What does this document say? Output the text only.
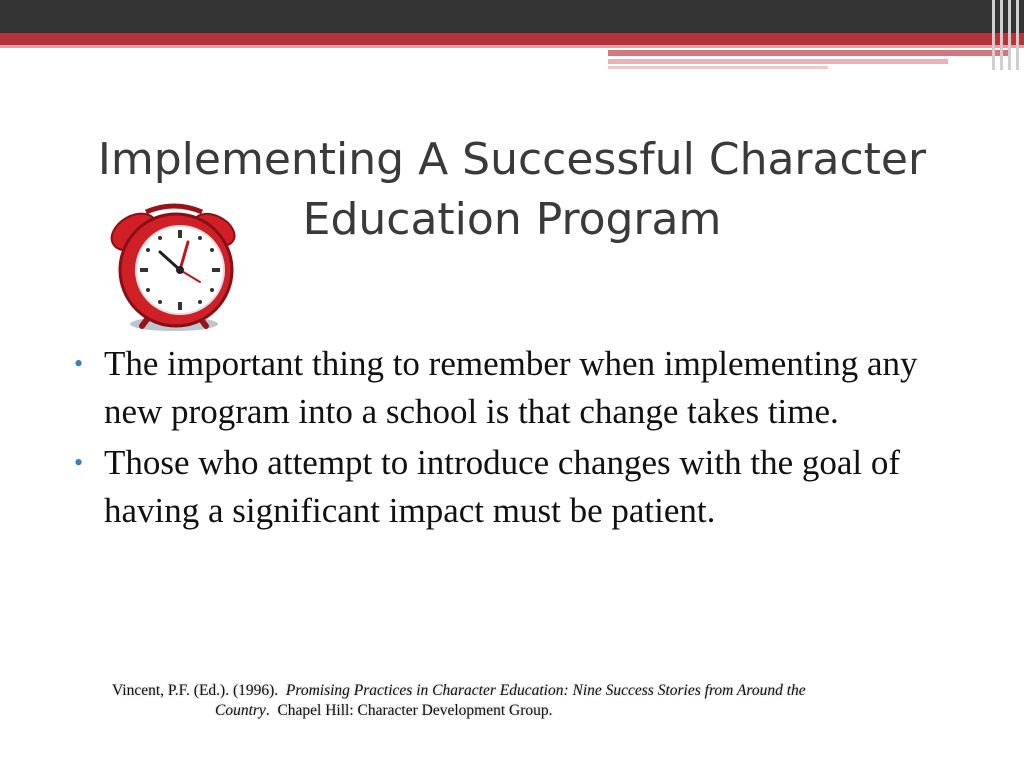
Implementing A Successful Character Education Program
• The important thing to remember when implementing any new program into a school is that change takes time.
• Those who attempt to introduce changes with the goal of having a significant impact must be patient.
Vincent, P.F. (Ed.). (1996). Promising Practices in Character Education: Nine Success Stories from Around the
Country.  Chapel Hill: Character Development Group.
